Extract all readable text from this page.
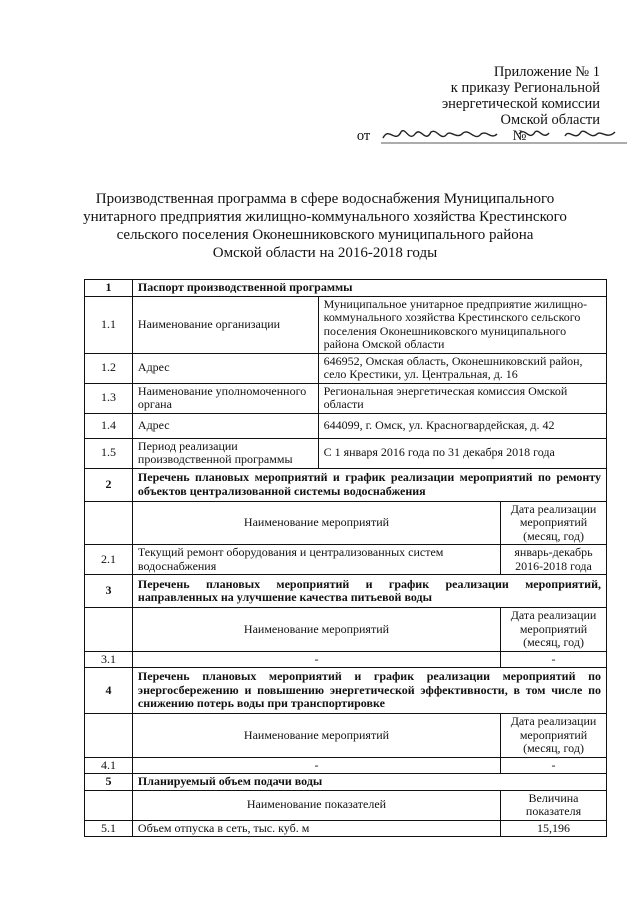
Приложение № 1
к приказу Региональной
энергетической комиссии
Омской области
от	№
Производственная программа в сфере водоснабжения Муниципального
унитарного предприятия жилищно-коммунального хозяйства Крестинского
сельского поселения Оконешниковского муниципального района
Омской области на 2016-2018 годы
1	Паспорт производственной программы		
1.1	Наименование организации	Муниципальное унитарное предприятие жилищно-коммунального хозяйства Крестинского сельского поселения Оконешниковского муниципального района Омской области	
1.2	Адрес	646952, Омская область, Оконешниковский район, село Крестики, ул. Центральная, д. 16	
1.3	Наименование уполномоченного органа	Региональная энергетическая комиссия Омской области	
1.4	Адрес	644099, г. Омск, ул. Красногвардейская, д. 42	
1.5	Период реализации производственной программы	С 1 января 2016 года по 31 декабря 2018 года	
2	Перечень плановых мероприятий и график реализации мероприятий по ремонту объектов централизованной системы водоснабжения		
	Наименование мероприятий		Дата реализации мероприятий (месяц, год)
2.1	Текущий ремонт оборудования и централизованных систем водоснабжения		январь-декабрь 2016-2018 года
3	Перечень плановых мероприятий и график реализации мероприятий, направленных на улучшение качества питьевой воды		
	Наименование мероприятий		Дата реализации мероприятий (месяц, год)
3.1	-		-
4	Перечень плановых мероприятий и график реализации мероприятий по энергосбережению и повышению энергетической эффективности, в том числе по снижению потерь воды при транспортировке		
	Наименование мероприятий		Дата реализации мероприятий (месяц, год)
4.1	-		-
5	Планируемый объем подачи воды		
	Наименование показателей		Величина показателя
5.1	Объем отпуска в сеть, тыс. куб. м		15,196
